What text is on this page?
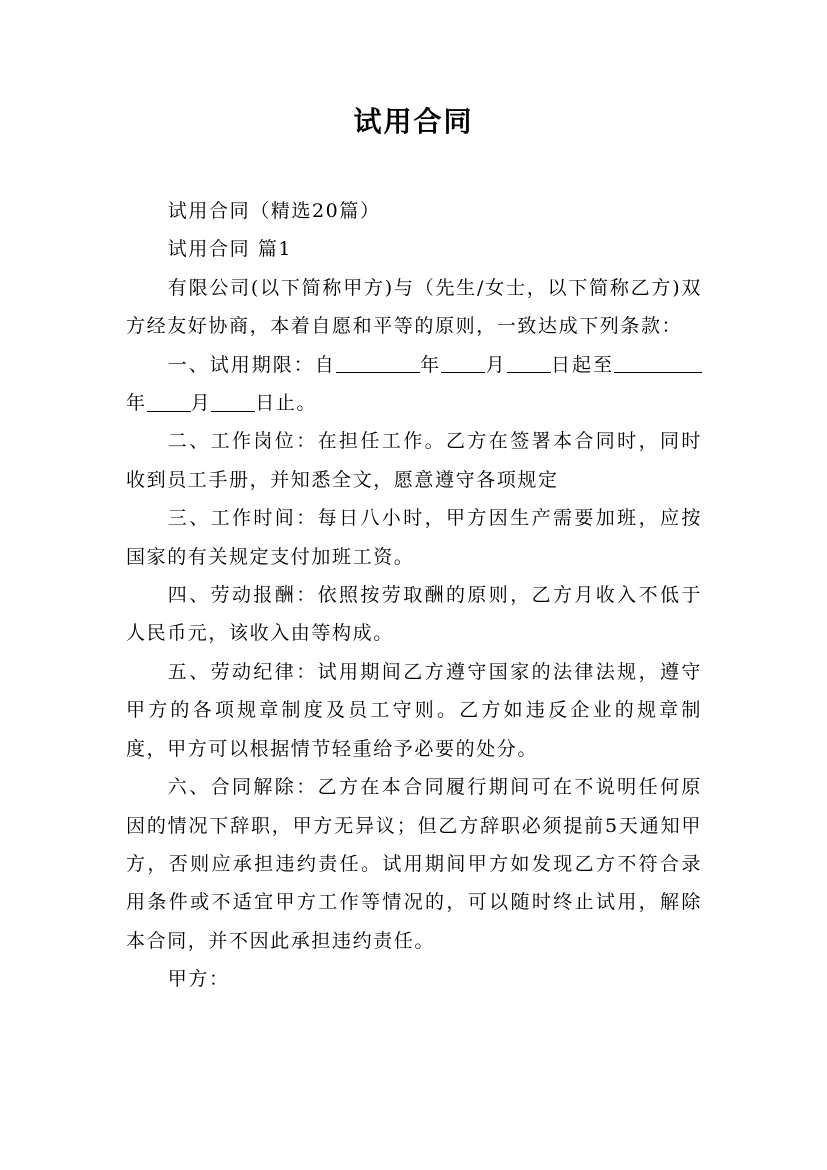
试用合同

试用合同（精选20篇）

试用合同 篇1

有限公司(以下简称甲方)与（先生/女士，以下简称乙方)双方经友好协商，本着自愿和平等的原则，一致达成下列条款：

一、试用期限：自	年 月 日起至年 月 日止。

二、工作岗位：在担任工作。乙方在签署本合同时，同时收到员工手册，并知悉全文，愿意遵守各项规定

三、工作时间：每日八小时，甲方因生产需要加班，应按国家的有关规定支付加班工资。

四、劳动报酬：依照按劳取酬的原则，乙方月收入不低于人民币元，该收入由等构成。

五、劳动纪律：试用期间乙方遵守国家的法律法规，遵守甲方的各项规章制度及员工守则。乙方如违反企业的规章制度，甲方可以根据情节轻重给予必要的处分。

六、合同解除：乙方在本合同履行期间可在不说明任何原因的情况下辞职，甲方无异议；但乙方辞职必须提前5天通知甲方，否则应承担违约责任。试用期间甲方如发现乙方不符合录用条件或不适宜甲方工作等情况的，可以随时终止试用，解除本合同，并不因此承担违约责任。

甲方：
